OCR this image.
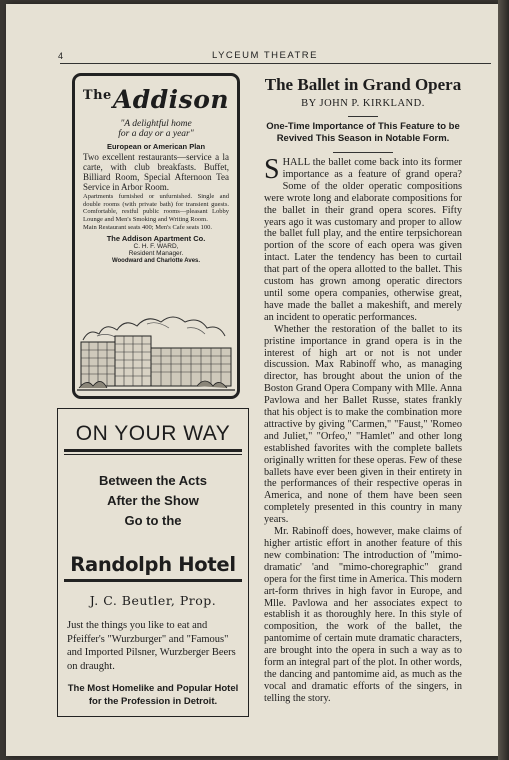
4	LYCEUM THEATRE
$^{The}$Addison
"A delightful home
for a day or a year"
European or American Plan
Two excellent restaurants—service a la carte, with club breakfasts. Buffet, Billiard Room, Special Afternoon Tea Service in Arbor Room.
Apartments furnished or unfurnished. Single and double rooms (with private bath) for transient guests. Comfortable, restful public rooms—pleasant Lobby Lounge and Men's Smoking and Writing Room.
Main Restaurant seats 400; Men's Cafe seats 100.
The Addison Apartment Co.
C. H. F. WARD,
Resident Manager.
Woodward and Charlotte Aves.
ON YOUR WAY
Between the Acts
After the Show
Go to the
Randolph Hotel
J. C. Beutler, Prop.
Just the things you like to eat and Pfeiffer's "Wurzburger" and "Famous" and Imported Pilsner, Wurzberger Beers on draught.
The Most Homelike and Popular Hotel for the Profession in Detroit.
The Ballet in Grand Opera
BY JOHN P. KIRKLAND.
One-Time Importance of This Feature to be Revived This Season in Notable Form.

SHALL the ballet come back into its former importance as a feature of grand opera? Some of the older operatic compositions were wrote long and elaborate compositions for the ballet in their grand opera scores. Fifty years ago it was customary and proper to allow the ballet full play, and the entire terpsichorean portion of the score of each opera was given intact. Later the tendency has been to curtail that part of the opera allotted to the ballet. This custom has grown among operatic directors until some opera companies, otherwise great, have made the ballet a makeshift, and merely an incident to operatic performances.

Whether the restoration of the ballet to its pristine importance in grand opera is in the interest of high art or not is not under discussion. Max Rabinoff who, as managing director, has brought about the union of the Boston Grand Opera Company with Mlle. Anna Pavlowa and her Ballet Russe, states frankly that his object is to make the combination more attractive by giving "Carmen," "Faust," 'Romeo and Juliet," "Orfeo," "Hamlet" and other long established favorites with the complete ballets originally written for these operas. Few of these ballets have ever been given in their entirety in the performances of their respective operas in America, and none of them have been seen completely presented in this country in many years.

Mr. Rabinoff does, however, make claims of higher artistic effort in another feature of this new combination: The introduction of "mimo-dramatic' 'and "mimo-choregraphic" grand opera for the first time in America. This modern art-form thrives in high favor in Europe, and Mlle. Pavlowa and her associates expect to establish it as thoroughly here. In this style of composition, the work of the ballet, the pantomime of certain mute dramatic characters, are brought into the opera in such a way as to form an integral part of the plot. In other words, the dancing and pantomime aid, as much as the vocal and dramatic efforts of the singers, in telling the story.
